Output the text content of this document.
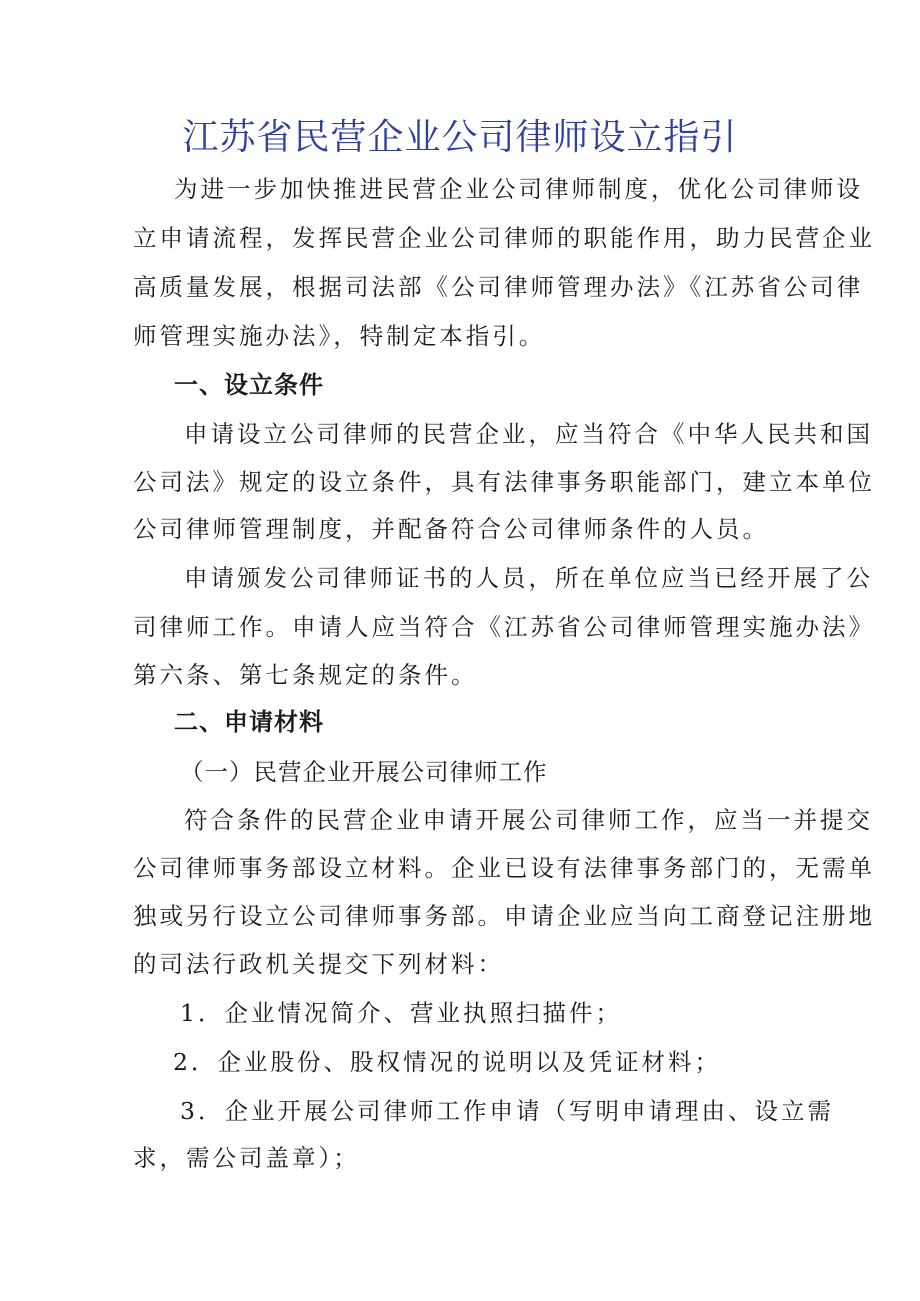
江苏省民营企业公司律师设立指引
为进一步加快推进民营企业公司律师制度，优化公司律师设
立申请流程，发挥民营企业公司律师的职能作用，助力民营企业
高质量发展，根据司法部《公司律师管理办法》《江苏省公司律
师管理实施办法》，特制定本指引。
一、设立条件
申请设立公司律师的民营企业，应当符合《中华人民共和国
公司法》规定的设立条件，具有法律事务职能部门，建立本单位
公司律师管理制度，并配备符合公司律师条件的人员。
申请颁发公司律师证书的人员，所在单位应当已经开展了公
司律师工作。申请人应当符合《江苏省公司律师管理实施办法》
第六条、第七条规定的条件。
二、申请材料
（一）民营企业开展公司律师工作
符合条件的民营企业申请开展公司律师工作，应当一并提交
公司律师事务部设立材料。企业已设有法律事务部门的，无需单
独或另行设立公司律师事务部。申请企业应当向工商登记注册地
的司法行政机关提交下列材料：
1．企业情况简介、营业执照扫描件；
2．企业股份、股权情况的说明以及凭证材料；
3．企业开展公司律师工作申请（写明申请理由、设立需
求，需公司盖章）；
